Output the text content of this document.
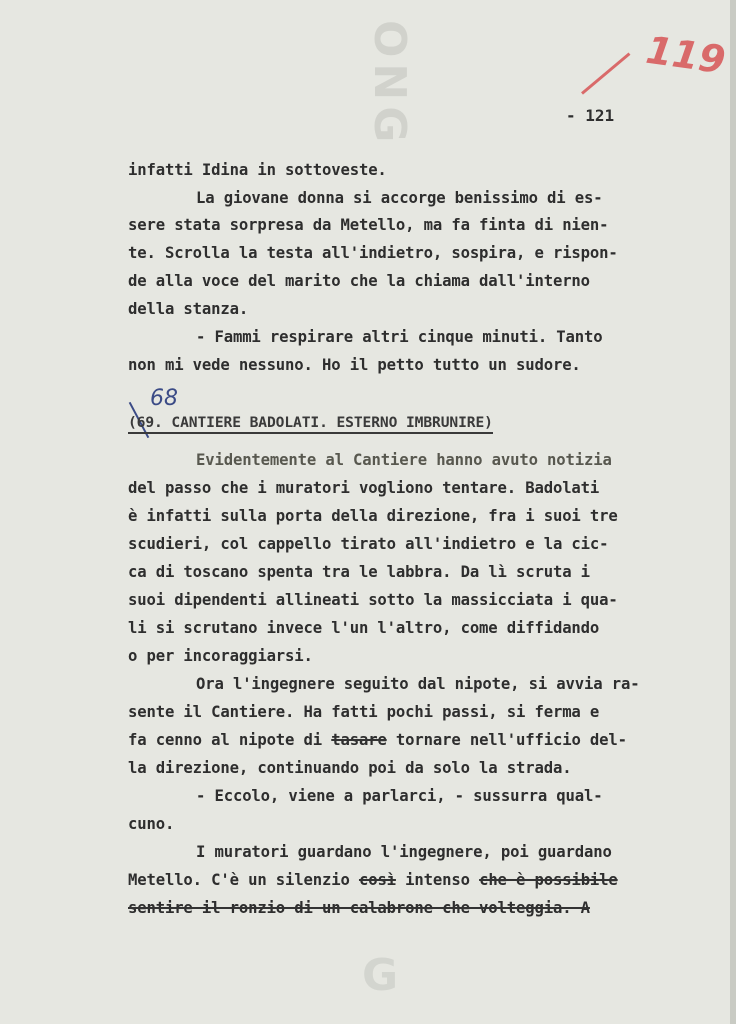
ONG
G
119
- 121
infatti Idina in sottoveste.
La giovane donna si accorge benissimo di es-
sere stata sorpresa da Metello, ma fa finta di nien-
te. Scrolla la testa all'indietro, sospira, e rispon-
de alla voce del marito che la chiama dall'interno
della stanza.
- Fammi respirare altri cinque minuti. Tanto
non mi vede nessuno. Ho il petto tutto un sudore.
68
(69. CANTIERE BADOLATI. ESTERNO IMBRUNIRE)
Evidentemente al Cantiere hanno avuto notizia
del passo che i muratori vogliono tentare. Badolati
è infatti sulla porta della direzione, fra i suoi tre
scudieri, col cappello tirato all'indietro e la cic-
ca di toscano spenta tra le labbra. Da lì scruta i
suoi dipendenti allineati sotto la massicciata i qua-
li si scrutano invece l'un l'altro, come diffidando
o per incoraggiarsi.
Ora l'ingegnere seguito dal nipote, si avvia ra-
sente il Cantiere. Ha fatti pochi passi, si ferma e
fa cenno al nipote di tasare tornare nell'ufficio del-
la direzione, continuando poi da solo la strada.
- Eccolo, viene a parlarci, - sussurra qual-
cuno.
I muratori guardano l'ingegnere, poi guardano
Metello. C'è un silenzio così intenso che è possibile
sentire il ronzio di un calabrone che volteggia. A
